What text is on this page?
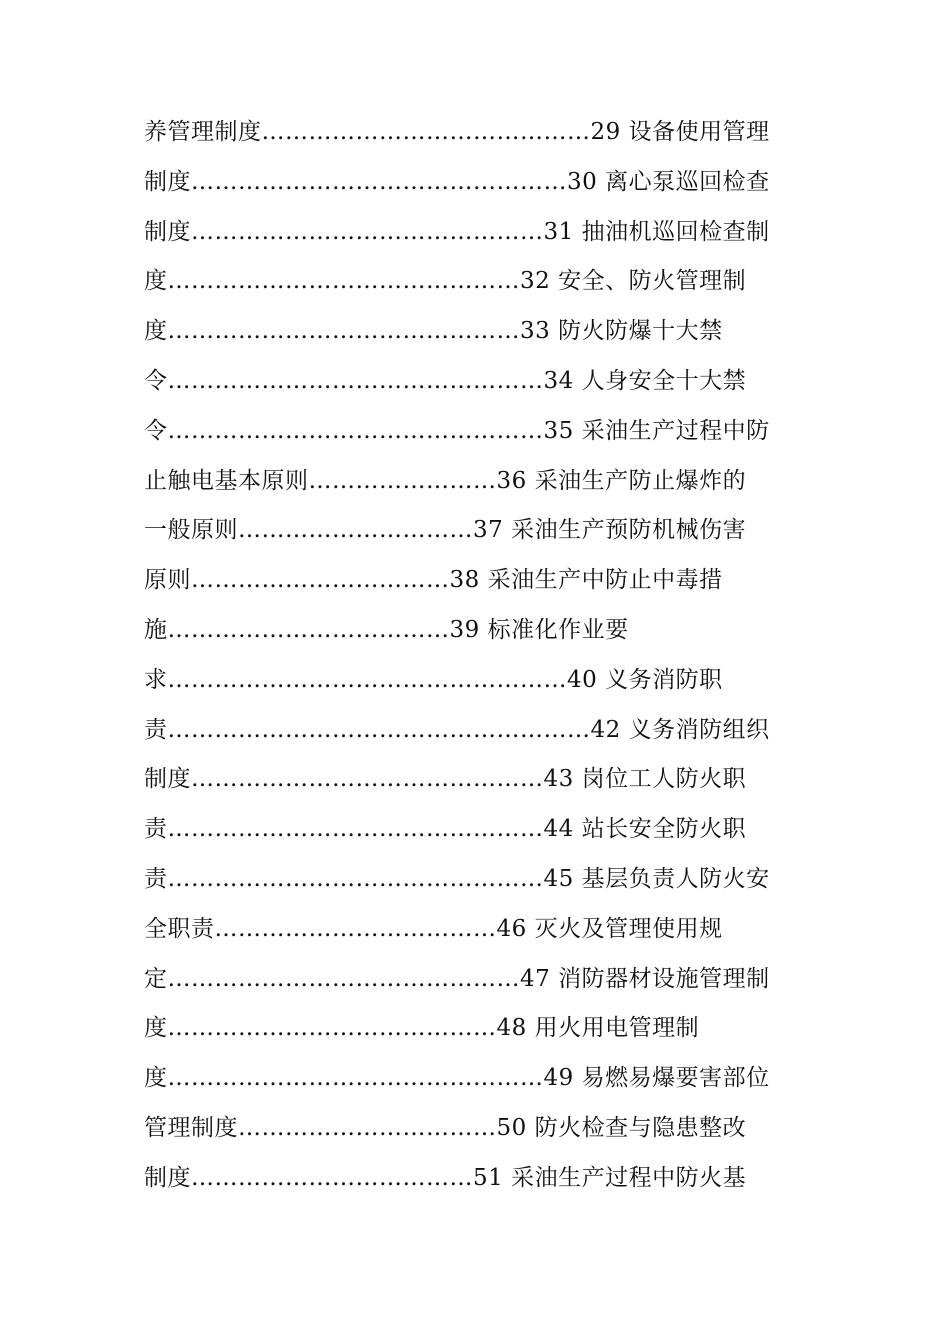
养管理制度……………………………………29 设备使用管理
制度…………………………………………30 离心泵巡回检查
制度………………………………………31 抽油机巡回检查制
度………………………………………32 安全、防火管理制
度………………………………………33 防火防爆十大禁
令…………………………………………34 人身安全十大禁
令…………………………………………35 采油生产过程中防
止触电基本原则……………………36 采油生产防止爆炸的
一般原则…………………………37 采油生产预防机械伤害
原则……………………………38 采油生产中防止中毒措
施………………………………39 标准化作业要
求……………………………………………40 义务消防职
责………………………………………………42 义务消防组织
制度………………………………………43 岗位工人防火职
责…………………………………………44 站长安全防火职
责…………………………………………45 基层负责人防火安
全职责………………………………46 灭火及管理使用规
定………………………………………47 消防器材设施管理制
度……………………………………48 用火用电管理制
度…………………………………………49 易燃易爆要害部位
管理制度……………………………50 防火检查与隐患整改
制度………………………………51 采油生产过程中防火基
